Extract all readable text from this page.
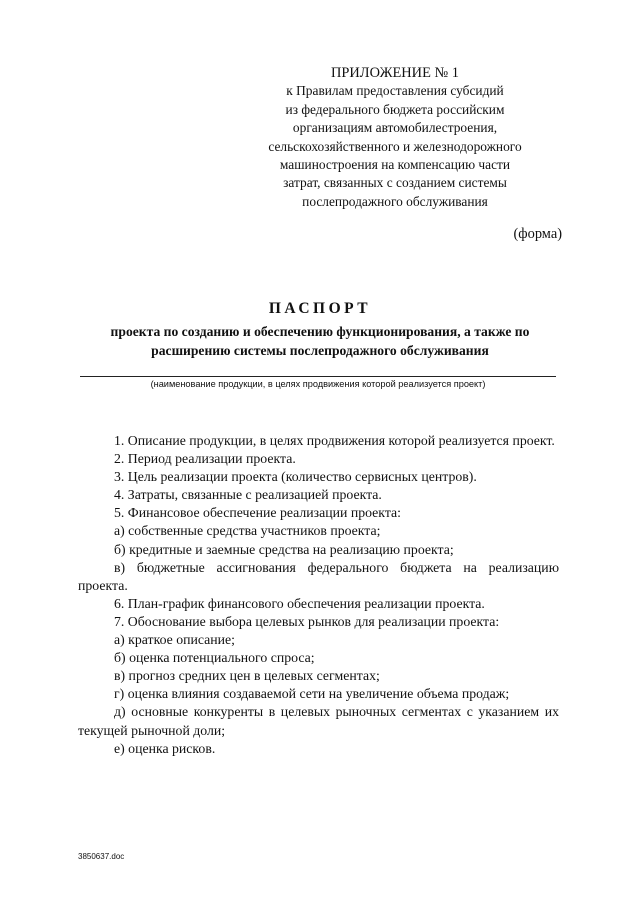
ПРИЛОЖЕНИЕ № 1
к Правилам предоставления субсидий
из федерального бюджета российским
организациям автомобилестроения,
сельскохозяйственного и железнодорожного
машиностроения на компенсацию части
затрат, связанных с созданием системы
послепродажного обслуживания
(форма)
ПАСПОРТ
проекта по созданию и обеспечению функционирования, а также по расширению системы послепродажного обслуживания
(наименование продукции, в целях продвижения которой реализуется проект)

1. Описание продукции, в целях продвижения которой реализуется проект.

2. Период реализации проекта.

3. Цель реализации проекта (количество сервисных центров).

4. Затраты, связанные с реализацией проекта.

5. Финансовое обеспечение реализации проекта:

а) собственные средства участников проекта;

б) кредитные и заемные средства на реализацию проекта;

в) бюджетные ассигнования федерального бюджета на реализацию проекта.

6. План-график финансового обеспечения реализации проекта.

7. Обоснование выбора целевых рынков для реализации проекта:

а) краткое описание;

б) оценка потенциального спроса;

в) прогноз средних цен в целевых сегментах;

г) оценка влияния создаваемой сети на увеличение объема продаж;

д) основные конкуренты в целевых рыночных сегментах с указанием их текущей рыночной доли;

е) оценка рисков.

3850637.doc
